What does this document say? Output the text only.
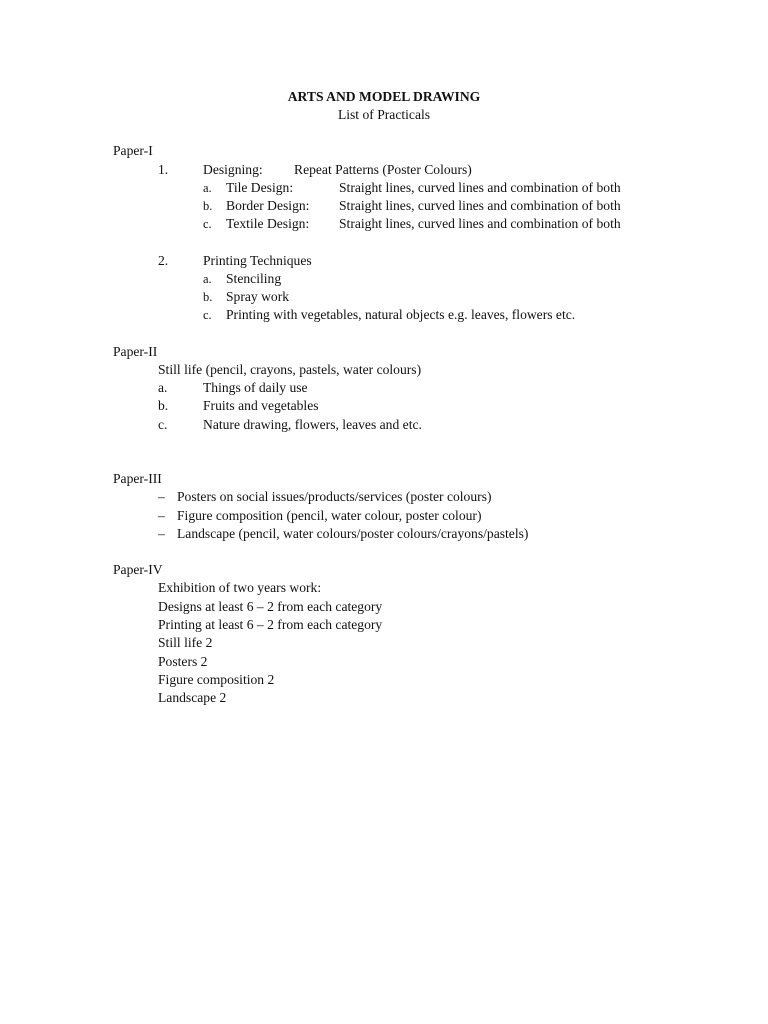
ARTS AND MODEL DRAWING
List of Practicals
Paper-I
1.	Designing: Repeat Patterns (Poster Colours)
a. Tile Design:	Straight lines, curved lines and combination of both
b. Border Design: Straight lines, curved lines and combination of both
c. Textile Design: Straight lines, curved lines and combination of both
2.	Printing Techniques
a. Stenciling
b. Spray work
c. Printing with vegetables, natural objects e.g. leaves, flowers etc.
Paper-II
Still life (pencil, crayons, pastels, water colours)
a.	Things of daily use
b.	Fruits and vegetables
c.	Nature drawing, flowers, leaves and etc.
Paper-III
– Posters on social issues/products/services (poster colours)
– Figure composition (pencil, water colour, poster colour)
– Landscape (pencil, water colours/poster colours/crayons/pastels)
Paper-IV
Exhibition of two years work:
Designs at least 6 – 2 from each category
Printing at least 6 – 2 from each category
Still life 2
Posters 2
Figure composition 2
Landscape 2
